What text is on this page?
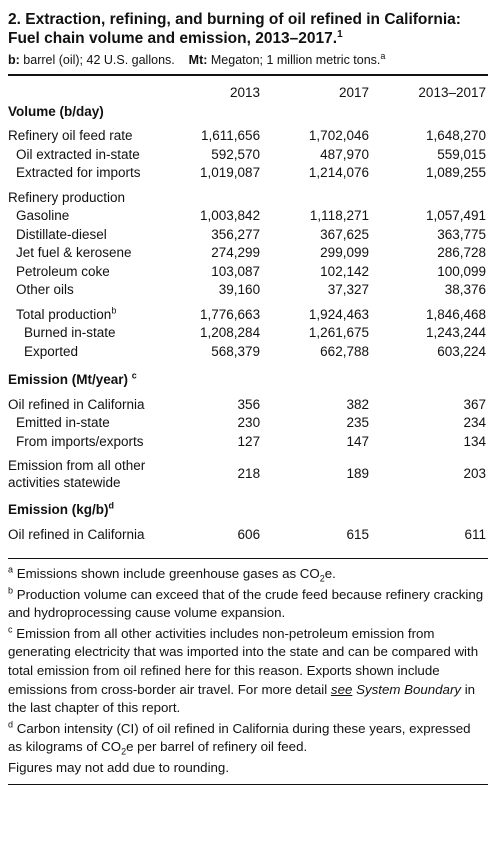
2. Extraction, refining, and burning of oil refined in California: Fuel chain volume and emission, 2013–2017.$^1$
b: barrel (oil); 42 U.S. gallons. Mt: Megaton; 1 million metric tons.$^a$
	2013	2017	2013–2017
Volume (b/day)			
Refinery oil feed rate	1,611,656	1,702,046	1,648,270
Oil extracted in-state	592,570	487,970	559,015
Extracted for imports	1,019,087	1,214,076	1,089,255
Refinery production			
Gasoline	1,003,842	1,118,271	1,057,491
Distillate-diesel	356,277	367,625	363,775
Jet fuel & kerosene	274,299	299,099	286,728
Petroleum coke	103,087	102,142	100,099
Other oils	39,160	37,327	38,376
Total production$^b$	1,776,663	1,924,463	1,846,468
Burned in-state	1,208,284	1,261,675	1,243,244
Exported	568,379	662,788	603,224
Emission (Mt/year) $^c$
Oil refined in California	356	382	367
Emitted in-state	230	235	234
From imports/exports	127	147	134
Emission from all other
activities statewide	218	189	203
Emission $(kg/b)^d$
Oil refined in California	606	615	611

$^a$ Emissions shown include greenhouse gases as $CO_2e$.

$^b$ Production volume can exceed that of the crude feed because refinery cracking and hydroprocessing cause volume expansion.

$^c$ Emission from all other activities includes non-petroleum emission from generating electricity that was imported into the state and can be compared with total emission from oil refined here for this reason. Exports shown include emissions from cross-border air travel. For more detail see System Boundary in the last chapter of this report.

$^d$ Carbon intensity (CI) of oil refined in California during these years, expressed as kilograms of $CO_2e$ per barrel of refinery oil feed.

Figures may not add due to rounding.
